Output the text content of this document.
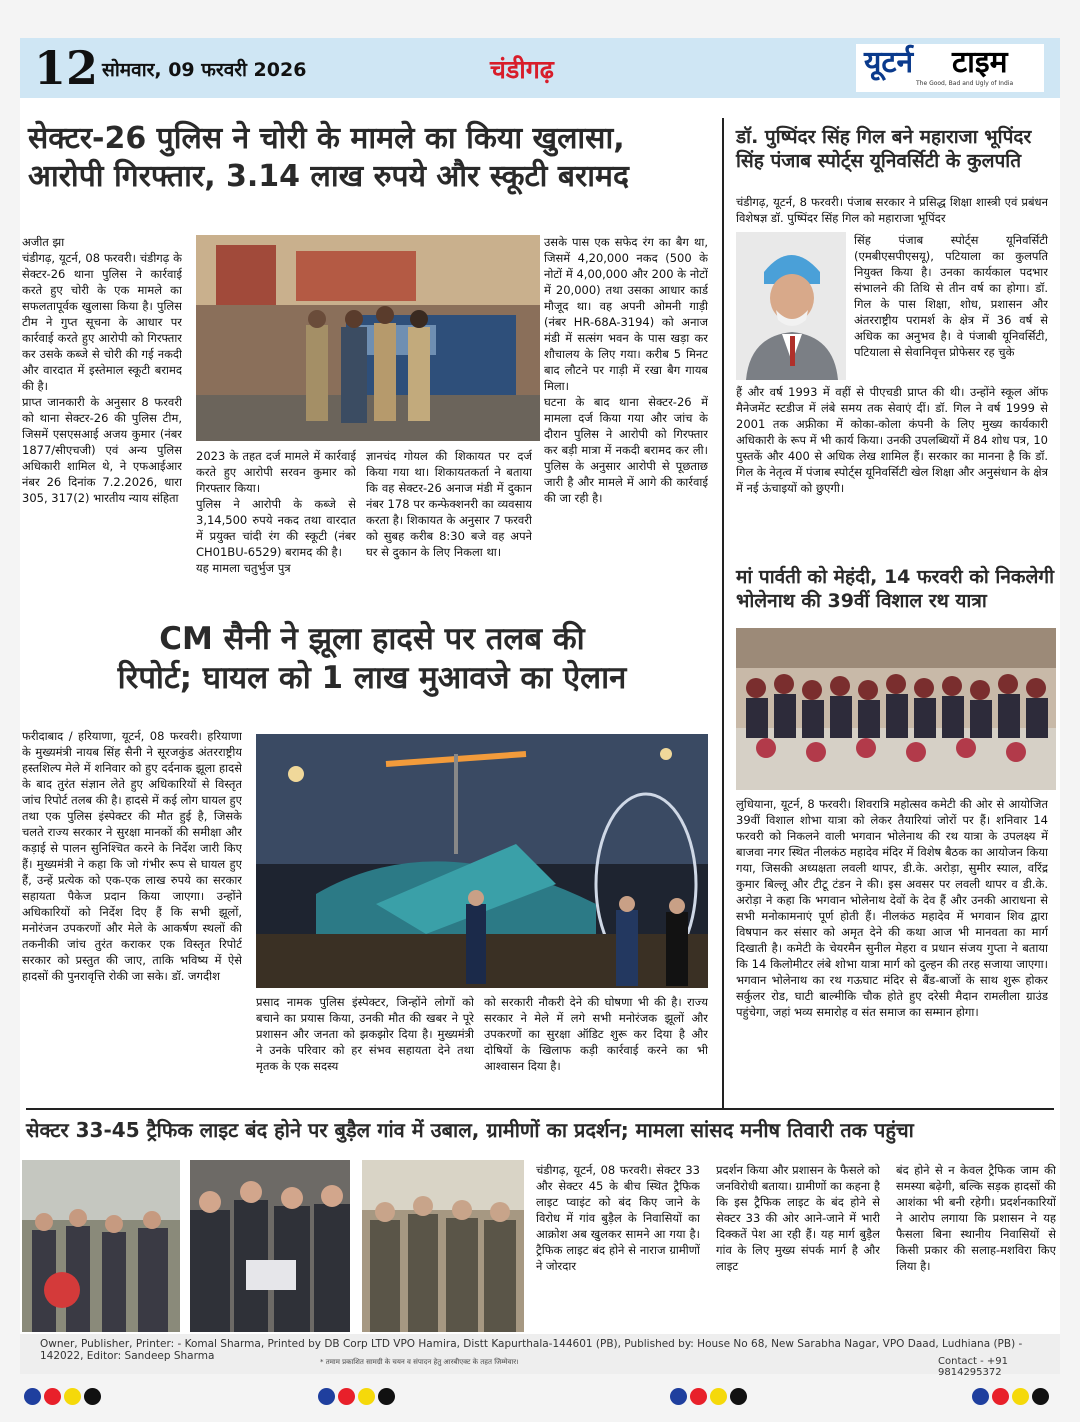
12 सोमवार, 09 फरवरी 2026	चंडीगढ़	यूटर्न टाइम
The Good, Bad and Ugly of India
सेक्टर-26 पुलिस ने चोरी के मामले का किया खुलासा,
आरोपी गिरफ्तार, 3.14 लाख रुपये और स्कूटी बरामद
अजीत झा
चंडीगढ़, यूटर्न, 08 फरवरी। चंडीगढ़ के सेक्टर-26 थाना पुलिस ने कार्रवाई करते हुए चोरी के एक मामले का सफलतापूर्वक खुलासा किया है। पुलिस टीम ने गुप्त सूचना के आधार पर कार्रवाई करते हुए आरोपी को गिरफ्तार कर उसके कब्जे से चोरी की गई नकदी और वारदात में इस्तेमाल स्कूटी बरामद की है।
प्राप्त जानकारी के अनुसार 8 फरवरी को थाना सेक्टर-26 की पुलिस टीम, जिसमें एसएसआई अजय कुमार (नंबर 1877/सीएचजी) एवं अन्य पुलिस अधिकारी शामिल थे, ने एफआईआर नंबर 26 दिनांक 7.2.2026, धारा 305, 317(2) भारतीय न्याय संहिता
2023 के तहत दर्ज मामले में कार्रवाई करते हुए आरोपी सरवन कुमार को गिरफ्तार किया।
पुलिस ने आरोपी के कब्जे से 3,14,500 रुपये नकद तथा वारदात में प्रयुक्त चांदी रंग की स्कूटी (नंबर CH01BU-6529) बरामद की है।
यह मामला चतुर्भुज पुत्र
ज्ञानचंद गोयल की शिकायत पर दर्ज किया गया था। शिकायतकर्ता ने बताया कि वह सेक्टर-26 अनाज मंडी में दुकान नंबर 178 पर कन्फेक्शनरी का व्यवसाय करता है। शिकायत के अनुसार 7 फरवरी को सुबह करीब 8:30 बजे वह अपने घर से दुकान के लिए निकला था।
उसके पास एक सफेद रंग का बैग था, जिसमें 4,20,000 नकद (500 के नोटों में 4,00,000 और 200 के नोटों में 20,000) तथा उसका आधार कार्ड मौजूद था। वह अपनी ओमनी गाड़ी (नंबर HR-68A-3194) को अनाज मंडी में सत्संग भवन के पास खड़ा कर शौचालय के लिए गया। करीब 5 मिनट बाद लौटने पर गाड़ी में रखा बैग गायब मिला।
घटना के बाद थाना सेक्टर-26 में मामला दर्ज किया गया और जांच के दौरान पुलिस ने आरोपी को गिरफ्तार कर बड़ी मात्रा में नकदी बरामद कर ली। पुलिस के अनुसार आरोपी से पूछताछ जारी है और मामले में आगे की कार्रवाई की जा रही है।
डॉ. पुष्पिंदर सिंह गिल बने महाराजा भूपिंदर
सिंह पंजाब स्पोर्ट्स यूनिवर्सिटी के कुलपति
चंडीगढ़, यूटर्न, 8 फरवरी। पंजाब सरकार ने प्रसिद्ध शिक्षा शास्त्री एवं प्रबंधन विशेषज्ञ डॉ. पुष्पिंदर सिंह गिल को महाराजा भूपिंदर
सिंह पंजाब स्पोर्ट्स यूनिवर्सिटी (एमबीएसपीएसयू), पटियाला का कुलपति नियुक्त किया है। उनका कार्यकाल पदभार संभालने की तिथि से तीन वर्ष का होगा। डॉ. गिल के पास शिक्षा, शोध, प्रशासन और अंतरराष्ट्रीय परामर्श के क्षेत्र में 36 वर्ष से अधिक का अनुभव है। वे पंजाबी यूनिवर्सिटी, पटियाला से सेवानिवृत्त प्रोफेसर रह चुके
हैं और वर्ष 1993 में वहीं से पीएचडी प्राप्त की थी। उन्होंने स्कूल ऑफ मैनेजमेंट स्टडीज में लंबे समय तक सेवाएं दीं। डॉ. गिल ने वर्ष 1999 से 2001 तक अफ्रीका में कोका-कोला कंपनी के लिए मुख्य कार्यकारी अधिकारी के रूप में भी कार्य किया। उनकी उपलब्धियों में 84 शोध पत्र, 10 पुस्तकें और 400 से अधिक लेख शामिल हैं। सरकार का मानना है कि डॉ. गिल के नेतृत्व में पंजाब स्पोर्ट्स यूनिवर्सिटी खेल शिक्षा और अनुसंधान के क्षेत्र में नई ऊंचाइयों को छुएगी।
मां पार्वती को मेहंदी, 14 फरवरी को निकलेगी
भोलेनाथ की 39वीं विशाल रथ यात्रा
लुधियाना, यूटर्न, 8 फरवरी। शिवरात्रि महोत्सव कमेटी की ओर से आयोजित 39वीं विशाल शोभा यात्रा को लेकर तैयारियां जोरों पर हैं। शनिवार 14 फरवरी को निकलने वाली भगवान भोलेनाथ की रथ यात्रा के उपलक्ष्य में बाजवा नगर स्थित नीलकंठ महादेव मंदिर में विशेष बैठक का आयोजन किया गया, जिसकी अध्यक्षता लवली थापर, डी.के. अरोड़ा, सुमीर स्याल, वरिंद्र कुमार बिल्लू और टीटू टंडन ने की। इस अवसर पर लवली थापर व डी.के. अरोड़ा ने कहा कि भगवान भोलेनाथ देवों के देव हैं और उनकी आराधना से सभी मनोकामनाएं पूर्ण होती हैं। नीलकंठ महादेव में भगवान शिव द्वारा विषपान कर संसार को अमृत देने की कथा आज भी मानवता का मार्ग दिखाती है। कमेटी के चेयरमैन सुनील मेहरा व प्रधान संजय गुप्ता ने बताया कि 14 किलोमीटर लंबे शोभा यात्रा मार्ग को दुल्हन की तरह सजाया जाएगा। भगवान भोलेनाथ का रथ गऊघाट मंदिर से बैंड-बाजों के साथ शुरू होकर सर्कुलर रोड, घाटी बाल्मीकि चौक होते हुए दरेसी मैदान रामलीला ग्राउंड पहुंचेगा, जहां भव्य समारोह व संत समाज का सम्मान होगा।
CM सैनी ने झूला हादसे पर तलब की
रिपोर्ट; घायल को 1 लाख मुआवजे का ऐलान
फरीदाबाद / हरियाणा, यूटर्न, 08 फरवरी। हरियाणा के मुख्यमंत्री नायब सिंह सैनी ने सूरजकुंड अंतरराष्ट्रीय हस्तशिल्प मेले में शनिवार को हुए दर्दनाक झूला हादसे के बाद तुरंत संज्ञान लेते हुए अधिकारियों से विस्तृत जांच रिपोर्ट तलब की है। हादसे में कई लोग घायल हुए तथा एक पुलिस इंस्पेक्टर की मौत हुई है, जिसके चलते राज्य सरकार ने सुरक्षा मानकों की समीक्षा और कड़ाई से पालन सुनिश्चित करने के निर्देश जारी किए हैं। मुख्यमंत्री ने कहा कि जो गंभीर रूप से घायल हुए हैं, उन्हें प्रत्येक को एक-एक लाख रुपये का सरकार सहायता पैकेज प्रदान किया जाएगा। उन्होंने अधिकारियों को निर्देश दिए हैं कि सभी झूलों, मनोरंजन उपकरणों और मेले के आकर्षण स्थलों की तकनीकी जांच तुरंत कराकर एक विस्तृत रिपोर्ट सरकार को प्रस्तुत की जाए, ताकि भविष्य में ऐसे हादसों की पुनरावृत्ति रोकी जा सके। डॉ. जगदीश
प्रसाद नामक पुलिस इंस्पेक्टर, जिन्होंने लोगों को बचाने का प्रयास किया, उनकी मौत की खबर ने पूरे प्रशासन और जनता को झकझोर दिया है। मुख्यमंत्री ने उनके परिवार को हर संभव सहायता देने तथा मृतक के एक सदस्य
को सरकारी नौकरी देने की घोषणा भी की है। राज्य सरकार ने मेले में लगे सभी मनोरंजक झूलों और उपकरणों का सुरक्षा ऑडिट शुरू कर दिया है और दोषियों के खिलाफ कड़ी कार्रवाई करने का भी आश्वासन दिया है।
सेक्टर 33-45 ट्रैफिक लाइट बंद होने पर बुड़ैल गांव में उबाल, ग्रामीणों का प्रदर्शन; मामला सांसद मनीष तिवारी तक पहुंचा
चंडीगढ़, यूटर्न, 08 फरवरी। सेक्टर 33 और सेक्टर 45 के बीच स्थित ट्रैफिक लाइट प्वाइंट को बंद किए जाने के विरोध में गांव बुड़ैल के निवासियों का आक्रोश अब खुलकर सामने आ गया है। ट्रैफिक लाइट बंद होने से नाराज ग्रामीणों ने जोरदार
प्रदर्शन किया और प्रशासन के फैसले को जनविरोधी बताया। ग्रामीणों का कहना है कि इस ट्रैफिक लाइट के बंद होने से सेक्टर 33 की ओर आने-जाने में भारी दिक्कतें पेश आ रही हैं। यह मार्ग बुड़ैल गांव के लिए मुख्य संपर्क मार्ग है और लाइट
बंद होने से न केवल ट्रैफिक जाम की समस्या बढ़ेगी, बल्कि सड़क हादसों की आशंका भी बनी रहेगी। प्रदर्शनकारियों ने आरोप लगाया कि प्रशासन ने यह फैसला बिना स्थानीय निवासियों से किसी प्रकार की सलाह-मशविरा किए लिया है।
Owner, Publisher, Printer: - Komal Sharma, Printed by DB Corp LTD VPO Hamira, Distt Kapurthala-144601 (PB), Published by: House No 68, New Sarabha Nagar, VPO Daad, Ludhiana (PB) - 142022, Editor: Sandeep Sharma	* तमाम प्रकाशित सामग्री के चयन व संपादन हेतु आरबीएक्ट के तहत जिम्मेवार।	Contact - +91 9814295372
